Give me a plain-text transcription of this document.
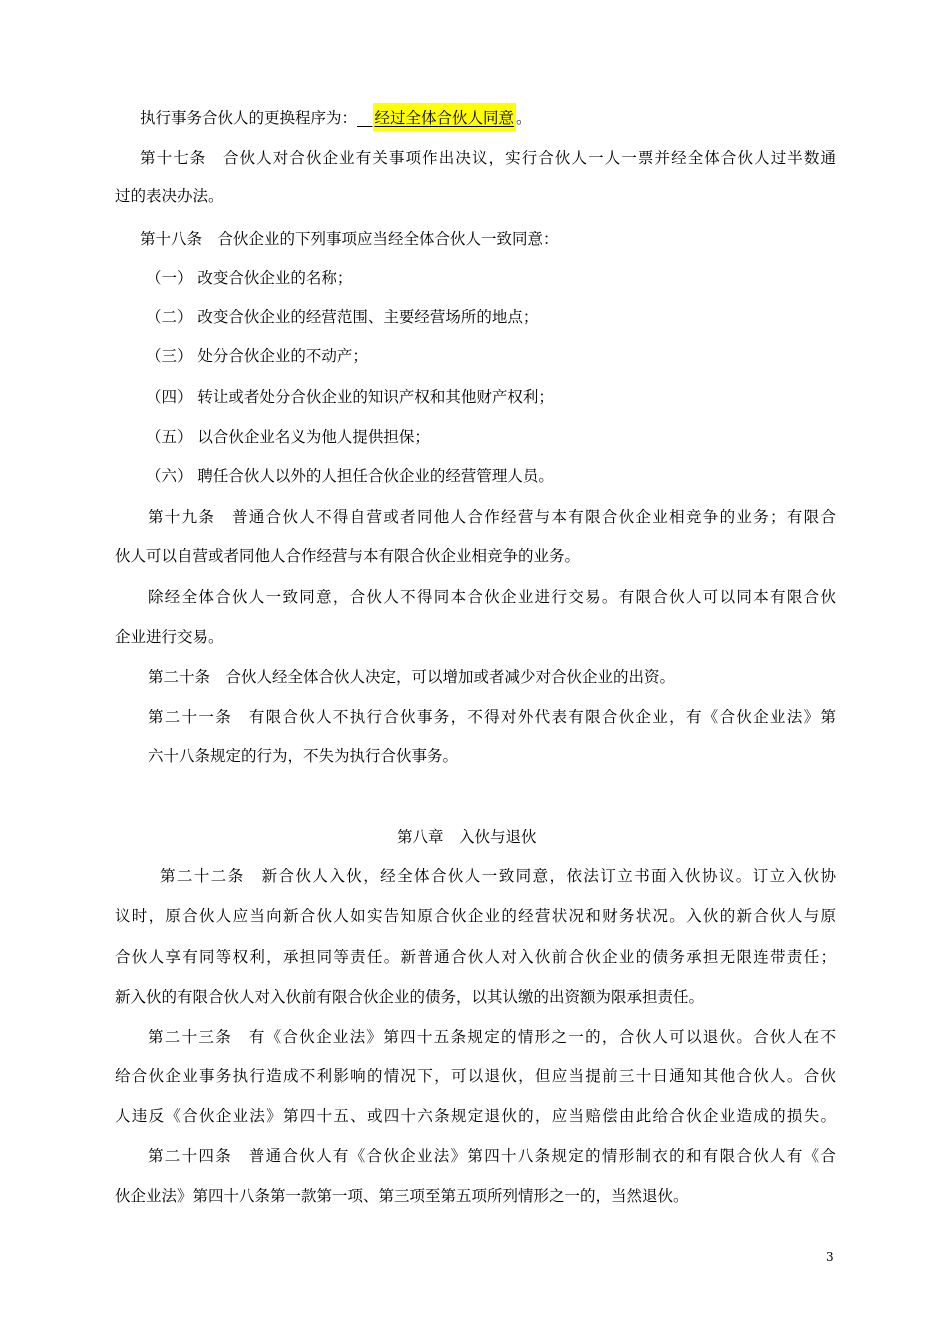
执行事务合伙人的更换程序为：__ 经过全体合伙人同意 。
第十七条　合伙人对合伙企业有关事项作出决议，实行合伙人一人一票并经全体合伙人过半数通
过的表决办法。
第十八条　合伙企业的下列事项应当经全体合伙人一致同意：
（一） 改变合伙企业的名称；
（二） 改变合伙企业的经营范围、主要经营场所的地点；
（三） 处分合伙企业的不动产；
（四） 转让或者处分合伙企业的知识产权和其他财产权利；
（五） 以合伙企业名义为他人提供担保；
（六） 聘任合伙人以外的人担任合伙企业的经营管理人员。
第十九条　普通合伙人不得自营或者同他人合作经营与本有限合伙企业相竞争的业务；有限合
伙人可以自营或者同他人合作经营与本有限合伙企业相竞争的业务。
除经全体合伙人一致同意，合伙人不得同本合伙企业进行交易。有限合伙人可以同本有限合伙
企业进行交易。
第二十条　合伙人经全体合伙人决定，可以增加或者减少对合伙企业的出资。
第二十一条　有限合伙人不执行合伙事务，不得对外代表有限合伙企业，有《合伙企业法》第
六十八条规定的行为，不失为执行合伙事务。
第八章　入伙与退伙
第二十二条　新合伙人入伙，经全体合伙人一致同意，依法订立书面入伙协议。订立入伙协
议时，原合伙人应当向新合伙人如实告知原合伙企业的经营状况和财务状况。入伙的新合伙人与原
合伙人享有同等权利，承担同等责任。新普通合伙人对入伙前合伙企业的债务承担无限连带责任；
新入伙的有限合伙人对入伙前有限合伙企业的债务，以其认缴的出资额为限承担责任。
第二十三条　有《合伙企业法》第四十五条规定的情形之一的，合伙人可以退伙。合伙人在不
给合伙企业事务执行造成不利影响的情况下，可以退伙，但应当提前三十日通知其他合伙人。合伙
人违反《合伙企业法》第四十五、或四十六条规定退伙的，应当赔偿由此给合伙企业造成的损失。
第二十四条　普通合伙人有《合伙企业法》第四十八条规定的情形制衣的和有限合伙人有《合
伙企业法》第四十八条第一款第一项、第三项至第五项所列情形之一的，当然退伙。
3
